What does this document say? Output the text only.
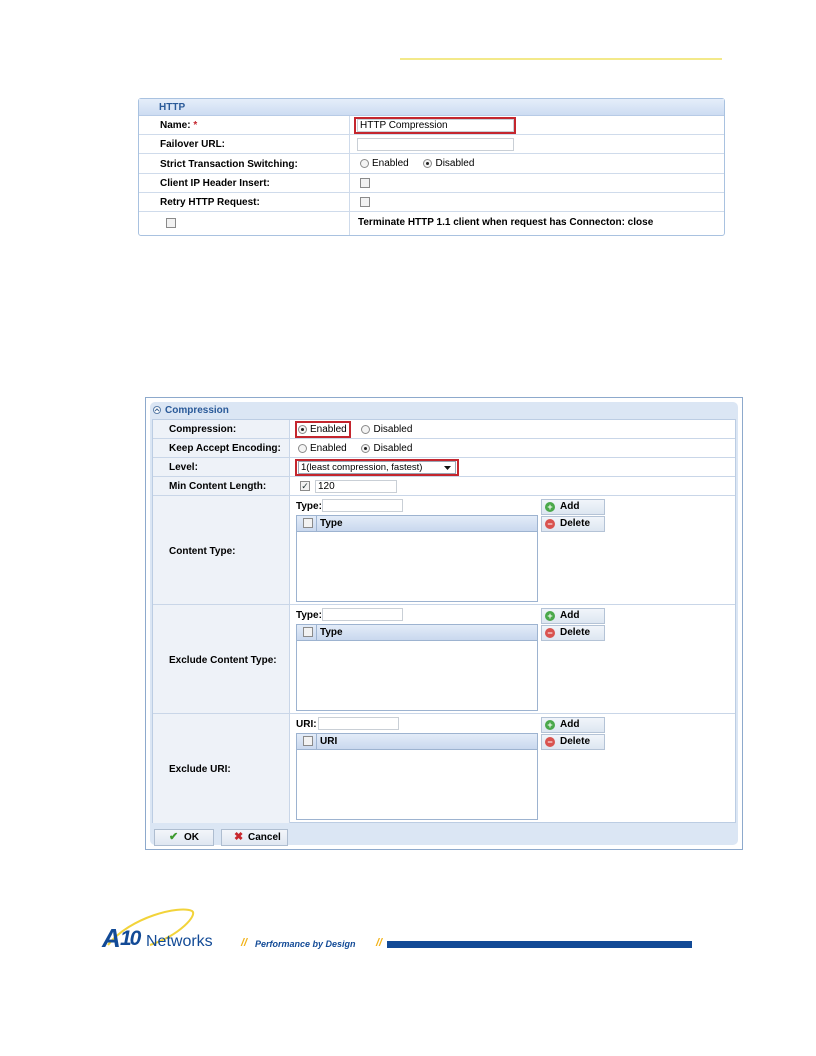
HTTP
Name: *	HTTP Compression
Failover URL:
Strict Transaction Switching:	Enabled	Disabled
Client IP Header Insert:
Retry HTTP Request:
Terminate HTTP 1.1 client when request has Connecton: close
Compression
Compression:	Enabled	Disabled
Keep Accept Encoding:	Enabled	Disabled
Level:	1(least compression, fastest)
Min Content Length:	✓ 120
Content Type:
Type:
Type
+ Add
− Delete
Exclude Content Type:
Type:
Type
+ Add
− Delete
Exclude URI:
URI:
URI
+ Add
− Delete
✔ OK	✖ Cancel
A 10 Networks	// Performance by Design //
